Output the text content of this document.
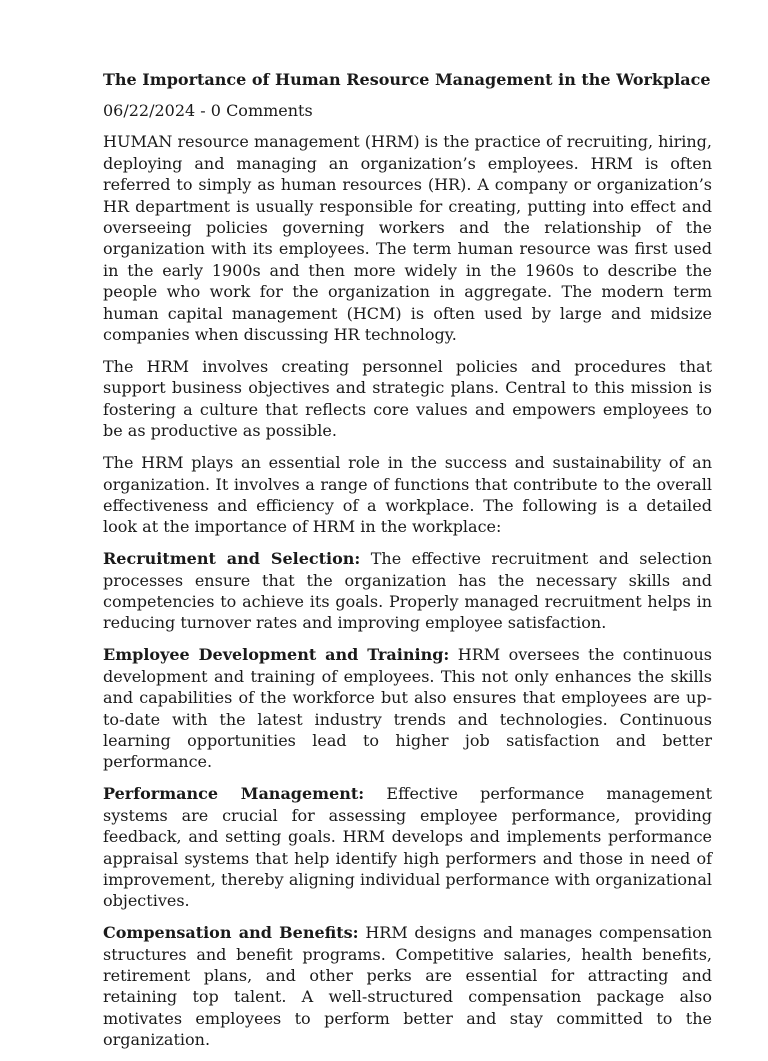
The Importance of Human Resource Management in the Workplace
06/22/2024 - 0 Comments

HUMAN resource management (HRM) is the practice of recruiting, hiring, deploying and managing an organization’s employees. HRM is often referred to simply as human resources (HR). A company or organization’s HR department is usually responsible for creating, putting into effect and overseeing policies governing workers and the relationship of the organization with its employees. The term human resource was first used in the early 1900s and then more widely in the 1960s to describe the people who work for the organization in aggregate. The modern term human capital management (HCM) is often used by large and midsize companies when discussing HR technology.

The HRM involves creating personnel policies and procedures that support business objectives and strategic plans. Central to this mission is fostering a culture that reflects core values and empowers employees to be as productive as possible.

The HRM plays an essential role in the success and sustainability of an organization. It involves a range of functions that contribute to the overall effectiveness and efficiency of a workplace. The following is a detailed look at the importance of HRM in the workplace:

Recruitment and Selection: The effective recruitment and selection processes ensure that the organization has the necessary skills and competencies to achieve its goals. Properly managed recruitment helps in reducing turnover rates and improving employee satisfaction.

Employee Development and Training: HRM oversees the continuous development and training of employees. This not only enhances the skills and capabilities of the workforce but also ensures that employees are up-to-date with the latest industry trends and technologies. Continuous learning opportunities lead to higher job satisfaction and better performance.

Performance Management: Effective performance management systems are crucial for assessing employee performance, providing feedback, and setting goals. HRM develops and implements performance appraisal systems that help identify high performers and those in need of improvement, thereby aligning individual performance with organizational objectives.

Compensation and Benefits: HRM designs and manages compensation structures and benefit programs. Competitive salaries, health benefits, retirement plans, and other perks are essential for attracting and retaining top talent. A well-structured compensation package also motivates employees to perform better and stay committed to the organization.
